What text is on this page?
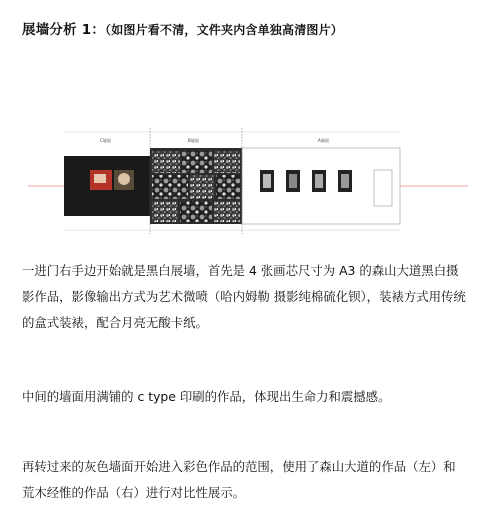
展墙分析 1：（如图片看不清，文件夹内含单独高清图片）
C墙面	B墙面	A墙面

一进门右手边开始就是黑白展墙，首先是 4 张画芯尺寸为 A3 的森山大道黑白摄影作品，影像输出方式为艺术微喷（哈内姆勒 摄影纯棉硫化钡），装裱方式用传统的盒式装裱，配合月亮无酸卡纸。

中间的墙面用满铺的 c type 印刷的作品，体现出生命力和震撼感。

再转过来的灰色墙面开始进入彩色作品的范围，使用了森山大道的作品（左）和荒木经惟的作品（右）进行对比性展示。
